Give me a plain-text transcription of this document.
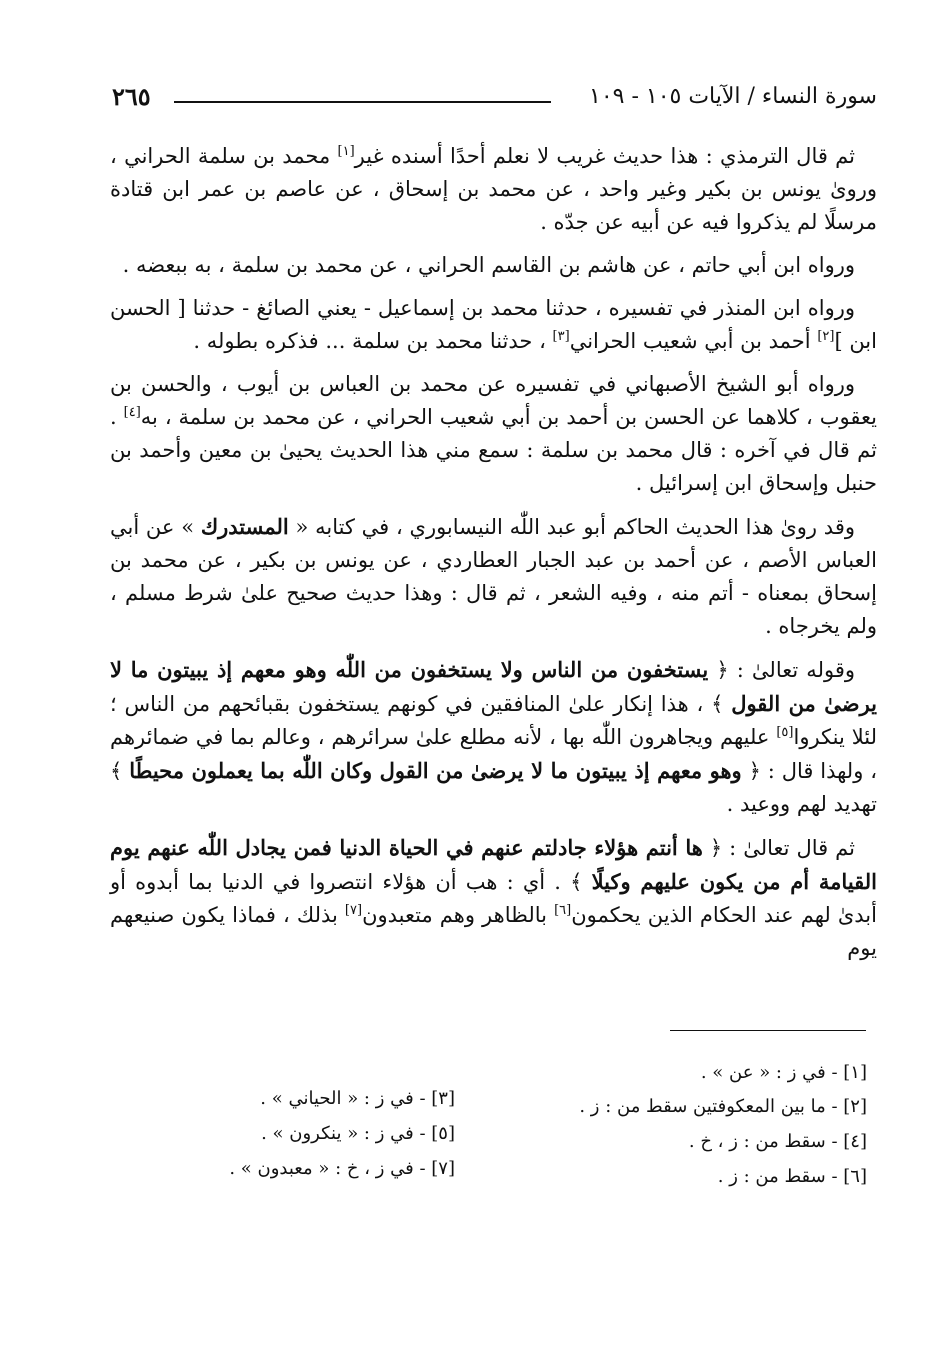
سورة النساء / الآيات ١٠٥ - ١٠٩
٢٦٥

ثم قال الترمذي : هذا حديث غريب لا نعلم أحدًا أسنده غير[١] محمد بن سلمة الحراني ، وروىٰ يونس بن بكير وغير واحد ، عن محمد بن إسحاق ، عن عاصم بن عمر ابن قتادة مرسلًا لم يذكروا فيه عن أبيه عن جدّه .

ورواه ابن أبي حاتم ، عن هاشم بن القاسم الحراني ، عن محمد بن سلمة ، به ببعضه .

ورواه ابن المنذر في تفسيره ، حدثنا محمد بن إسماعيل - يعني الصائغ - حدثنا [ الحسن ابن ][٢] أحمد بن أبي شعيب الحراني[٣] ، حدثنا محمد بن سلمة ... فذكره بطوله .

ورواه أبو الشيخ الأصبهاني في تفسيره عن محمد بن العباس بن أيوب ، والحسن بن يعقوب ، كلاهما عن الحسن بن أحمد بن أبي شعيب الحراني ، عن محمد بن سلمة ، به[٤] . ثم قال في آخره : قال محمد بن سلمة : سمع مني هذا الحديث يحيىٰ بن معين وأحمد بن حنبل وإسحاق ابن إسرائيل .

وقد روىٰ هذا الحديث الحاكم أبو عبد اللّٰه النيسابوري ، في كتابه « المستدرك » عن أبي العباس الأصم ، عن أحمد بن عبد الجبار العطاردي ، عن يونس بن بكير ، عن محمد بن إسحاق بمعناه - أتم منه ، وفيه الشعر ، ثم قال : وهذا حديث صحيح علىٰ شرط مسلم ، ولم يخرجاه .

وقوله تعالىٰ : ﴿ يستخفون من الناس ولا يستخفون من اللّٰه وهو معهم إذ يبيتون ما لا يرضىٰ من القول ﴾ ، هذا إنكار علىٰ المنافقين في كونهم يستخفون بقبائحهم من الناس ؛ لئلا ينكروا[٥] عليهم ويجاهرون اللّٰه بها ، لأنه مطلع علىٰ سرائرهم ، وعالم بما في ضمائرهم ، ولهذا قال : ﴿ وهو معهم إذ يبيتون ما لا يرضىٰ من القول وكان اللّٰه بما يعملون محيطًا ﴾ تهديد لهم ووعيد .

ثم قال تعالىٰ : ﴿ ها أنتم هؤلاء جادلتم عنهم في الحياة الدنيا فمن يجادل اللّٰه عنهم يوم القيامة أم من يكون عليهم وكيلًا ﴾ . أي : هب أن هؤلاء انتصروا في الدنيا بما أبدوه أو أبدىٰ لهم عند الحكام الذين يحكمون[٦] بالظاهر وهم متعبدون[٧] بذلك ، فماذا يكون صنيعهم يوم

[١] - في ز : « عن » .
[٢] - ما بين المعكوفتين سقط من : ز .
[٤] - سقط من : ز ، خ .
[٦] - سقط من : ز .
[٣] - في ز : « الحياني » .
[٥] - في ز : « ينكرون » .
[٧] - في ز ، خ : « معبدون » .
